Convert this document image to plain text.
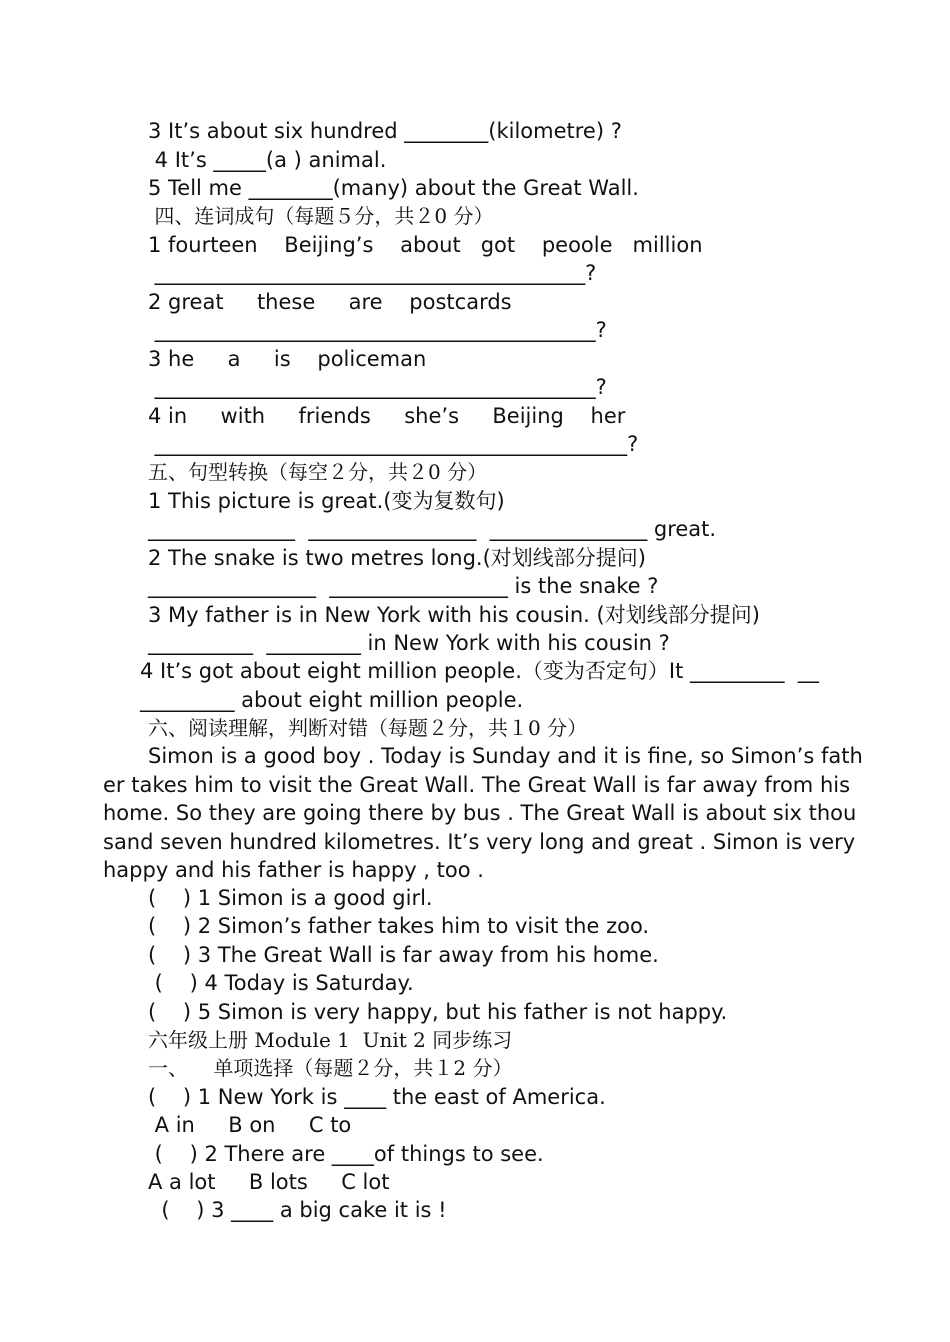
3 It’s about six hundred ________(kilometre) ?
4 It’s _____(a ) animal.
5 Tell me ________(many) about the Great Wall.
四、连词成句（每题５分，共２0 分）
1 fourteen    Beijing’s    about   got    peoole   million
_________________________________________?
2 great     these     are    postcards
__________________________________________?
3 he     a     is    policeman
__________________________________________?
4 in     with     friends     she’s     Beijing    her
_____________________________________________?
五、句型转换（每空２分，共２0 分）
1 This picture is great.(变为复数句)
______________  ________________  _______________ great.
2 The snake is two metres long.(对划线部分提问)
________________  _________________ is the snake ?
3 My father is in New York with his cousin. (对划线部分提问)
__________  _________ in New York with his cousin ?
4 It’s got about eight million people.（变为否定句）It _________  __
_________ about eight million people.
六、阅读理解，判断对错（每题２分，共１0 分）
Simon is a good boy . Today is Sunday and it is fine, so Simon’s father takes him to visit the Great Wall. The Great Wall is far away from his home. So they are going there by bus . The Great Wall is about six thousand seven hundred kilometres. It’s very long and great . Simon is very happy and his father is happy , too .
(    ) 1 Simon is a good girl.
(    ) 2 Simon’s father takes him to visit the zoo.
(    ) 3 The Great Wall is far away from his home.
(    ) 4 Today is Saturday.
(    ) 5 Simon is very happy, but his father is not happy.
六年级上册 Module 1  Unit 2 同步练习
一、    单项选择（每题２分，共１2 分）
(    ) 1 New York is ____ the east of America.
A in     B on     C to
(    ) 2 There are ____of things to see.
A a lot     B lots     C lot
(    ) 3 ____ a big cake it is !
